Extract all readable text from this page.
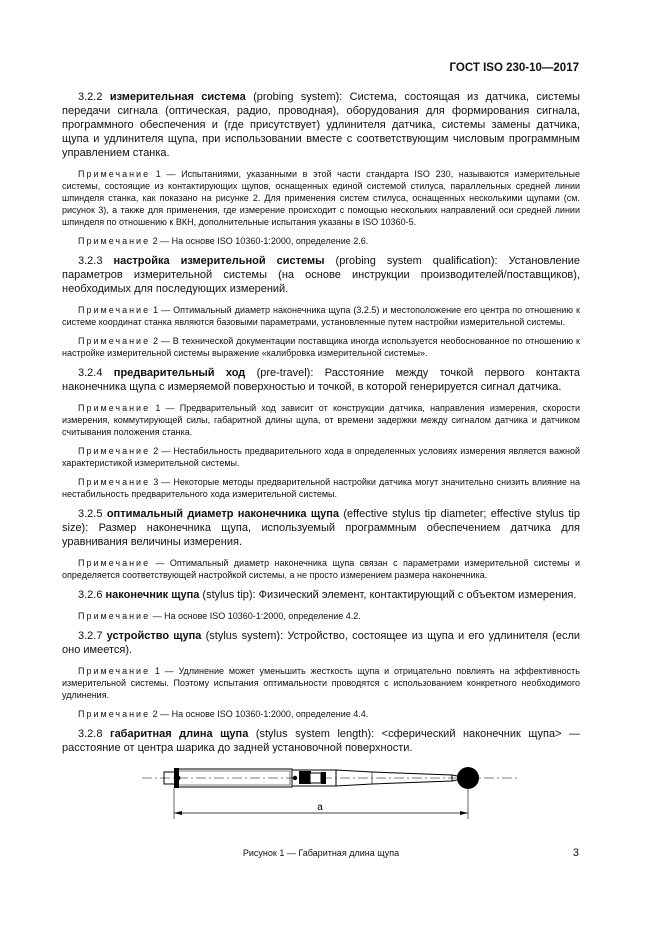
ГОСТ ISO 230-10—2017

3.2.2 измерительная система (probing system): Система, состоящая из датчика, системы передачи сигнала (оптическая, радио, проводная), оборудования для формирования сигнала, программного обеспечения и (где присутствует) удлинителя датчика, системы замены датчика, щупа и удлинителя щупа, при использовании вместе с соответствующим числовым программным управлением станка.

Примечание 1 — Испытаниями, указанными в этой части стандарта ISO 230, называются измерительные системы, состоящие из контактирующих щупов, оснащенных единой системой стилуса, параллельных средней линии шпинделя станка, как показано на рисунке 2. Для применения систем стилуса, оснащенных несколькими щупами (см. рисунок 3), а также для применения, где измерение происходит с помощью нескольких направлений оси средней линии шпинделя по отношению к ВКН, дополнительные испытания указаны в ISO 10360-5.

Примечание 2 — На основе ISO 10360-1:2000, определение 2.6.

3.2.3 настройка измерительной системы (probing system qualification): Установление параметров измерительной системы (на основе инструкции производителей/поставщиков), необходимых для последующих измерений.

Примечание 1 — Оптимальный диаметр наконечника щупа (3.2.5) и местоположение его центра по отношению к системе координат станка являются базовыми параметрами, установленные путем настройки измерительной системы.

Примечание 2 — В технической документации поставщика иногда используется необоснованное по отношению к настройке измерительной системы выражение «калибровка измерительной системы».

3.2.4 предварительный ход (pre-travel): Расстояние между точкой первого контакта наконечника щупа с измеряемой поверхностью и точкой, в которой генерируется сигнал датчика.

Примечание 1 — Предварительный ход зависит от конструкции датчика, направления измерения, скорости измерения, коммутирующей силы, габаритной длины щупа, от времени задержки между сигналом датчика и датчиком считывания положения станка.

Примечание 2 — Нестабильность предварительного хода в определенных условиях измерения является важной характеристикой измерительной системы.

Примечание 3 — Некоторые методы предварительной настройки датчика могут значительно снизить влияние на нестабильность предварительного хода измерительной системы.

3.2.5 оптимальный диаметр наконечника щупа (effective stylus tip diameter; effective stylus tip size): Размер наконечника щупа, используемый программным обеспечением датчика для уравнивания величины измерения.

Примечание — Оптимальный диаметр наконечника щупа связан с параметрами измерительной системы и определяется соответствующей настройкой системы, а не просто измерением размера наконечника.

3.2.6 наконечник щупа (stylus tip): Физический элемент, контактирующий с объектом измерения.

Примечание — На основе ISO 10360-1:2000, определение 4.2.

3.2.7 устройство щупа (stylus system): Устройство, состоящее из щупа и его удлинителя (если оно имеется).

Примечание 1 — Удлинение может уменьшить жесткость щупа и отрицательно повлиять на эффективность измерительной системы. Поэтому испытания оптимальности проводятся с использованием конкретного необходимого удлинения.

Примечание 2 — На основе ISO 10360-1:2000, определение 4.4.

3.2.8 габаритная длина щупа (stylus system length): <сферический наконечник щупа> — расстояние от центра шарика до задней установочной поверхности.

a
Рисунок 1 — Габаритная длина щупа	3
